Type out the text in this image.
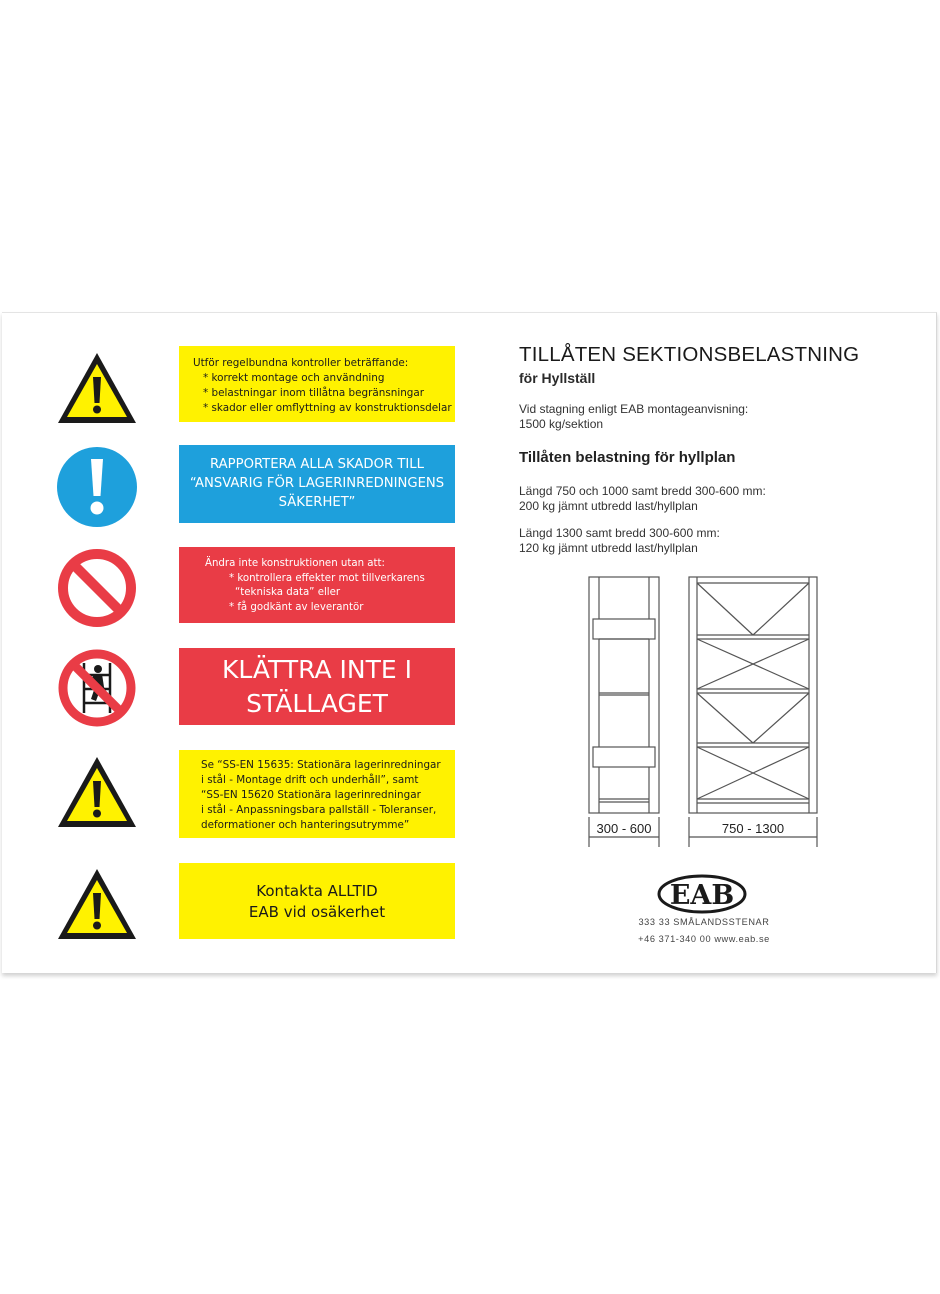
Utför regelbundna kontroller beträffande:
* korrekt montage och användning
* belastningar inom tillåtna begränsningar
* skador eller omflyttning av konstruktionsdelar
RAPPORTERA ALLA SKADOR TILL
“ANSVARIG FÖR LAGERINREDNINGENS
SÄKERHET”
Ändra inte konstruktionen utan att:
* kontrollera effekter mot tillverkarens
“tekniska data” eller
* få godkänt av leverantör
KLÄTTRA INTE I
STÄLLAGET
Se “SS-EN 15635: Stationära lagerinredningar
i stål - Montage drift och underhåll”, samt
“SS-EN 15620 Stationära lagerinredningar
i stål - Anpassningsbara pallställ - Toleranser,
deformationer och hanteringsutrymme”
Kontakta ALLTID
EAB vid osäkerhet
TILLÅTEN SEKTIONSBELASTNING
för Hyllställ
Vid stagning enligt EAB montageanvisning:
1500 kg/sektion
Tillåten belastning för hyllplan
Längd 750 och 1000 samt bredd 300-600 mm:
200 kg jämnt utbredd last/hyllplan
Längd 1300 samt bredd 300-600 mm:
120 kg jämnt utbredd last/hyllplan
300 - 600	750 - 1300
EAB
333 33 SMÅLANDSSTENAR
+46 371-340 00 www.eab.se
